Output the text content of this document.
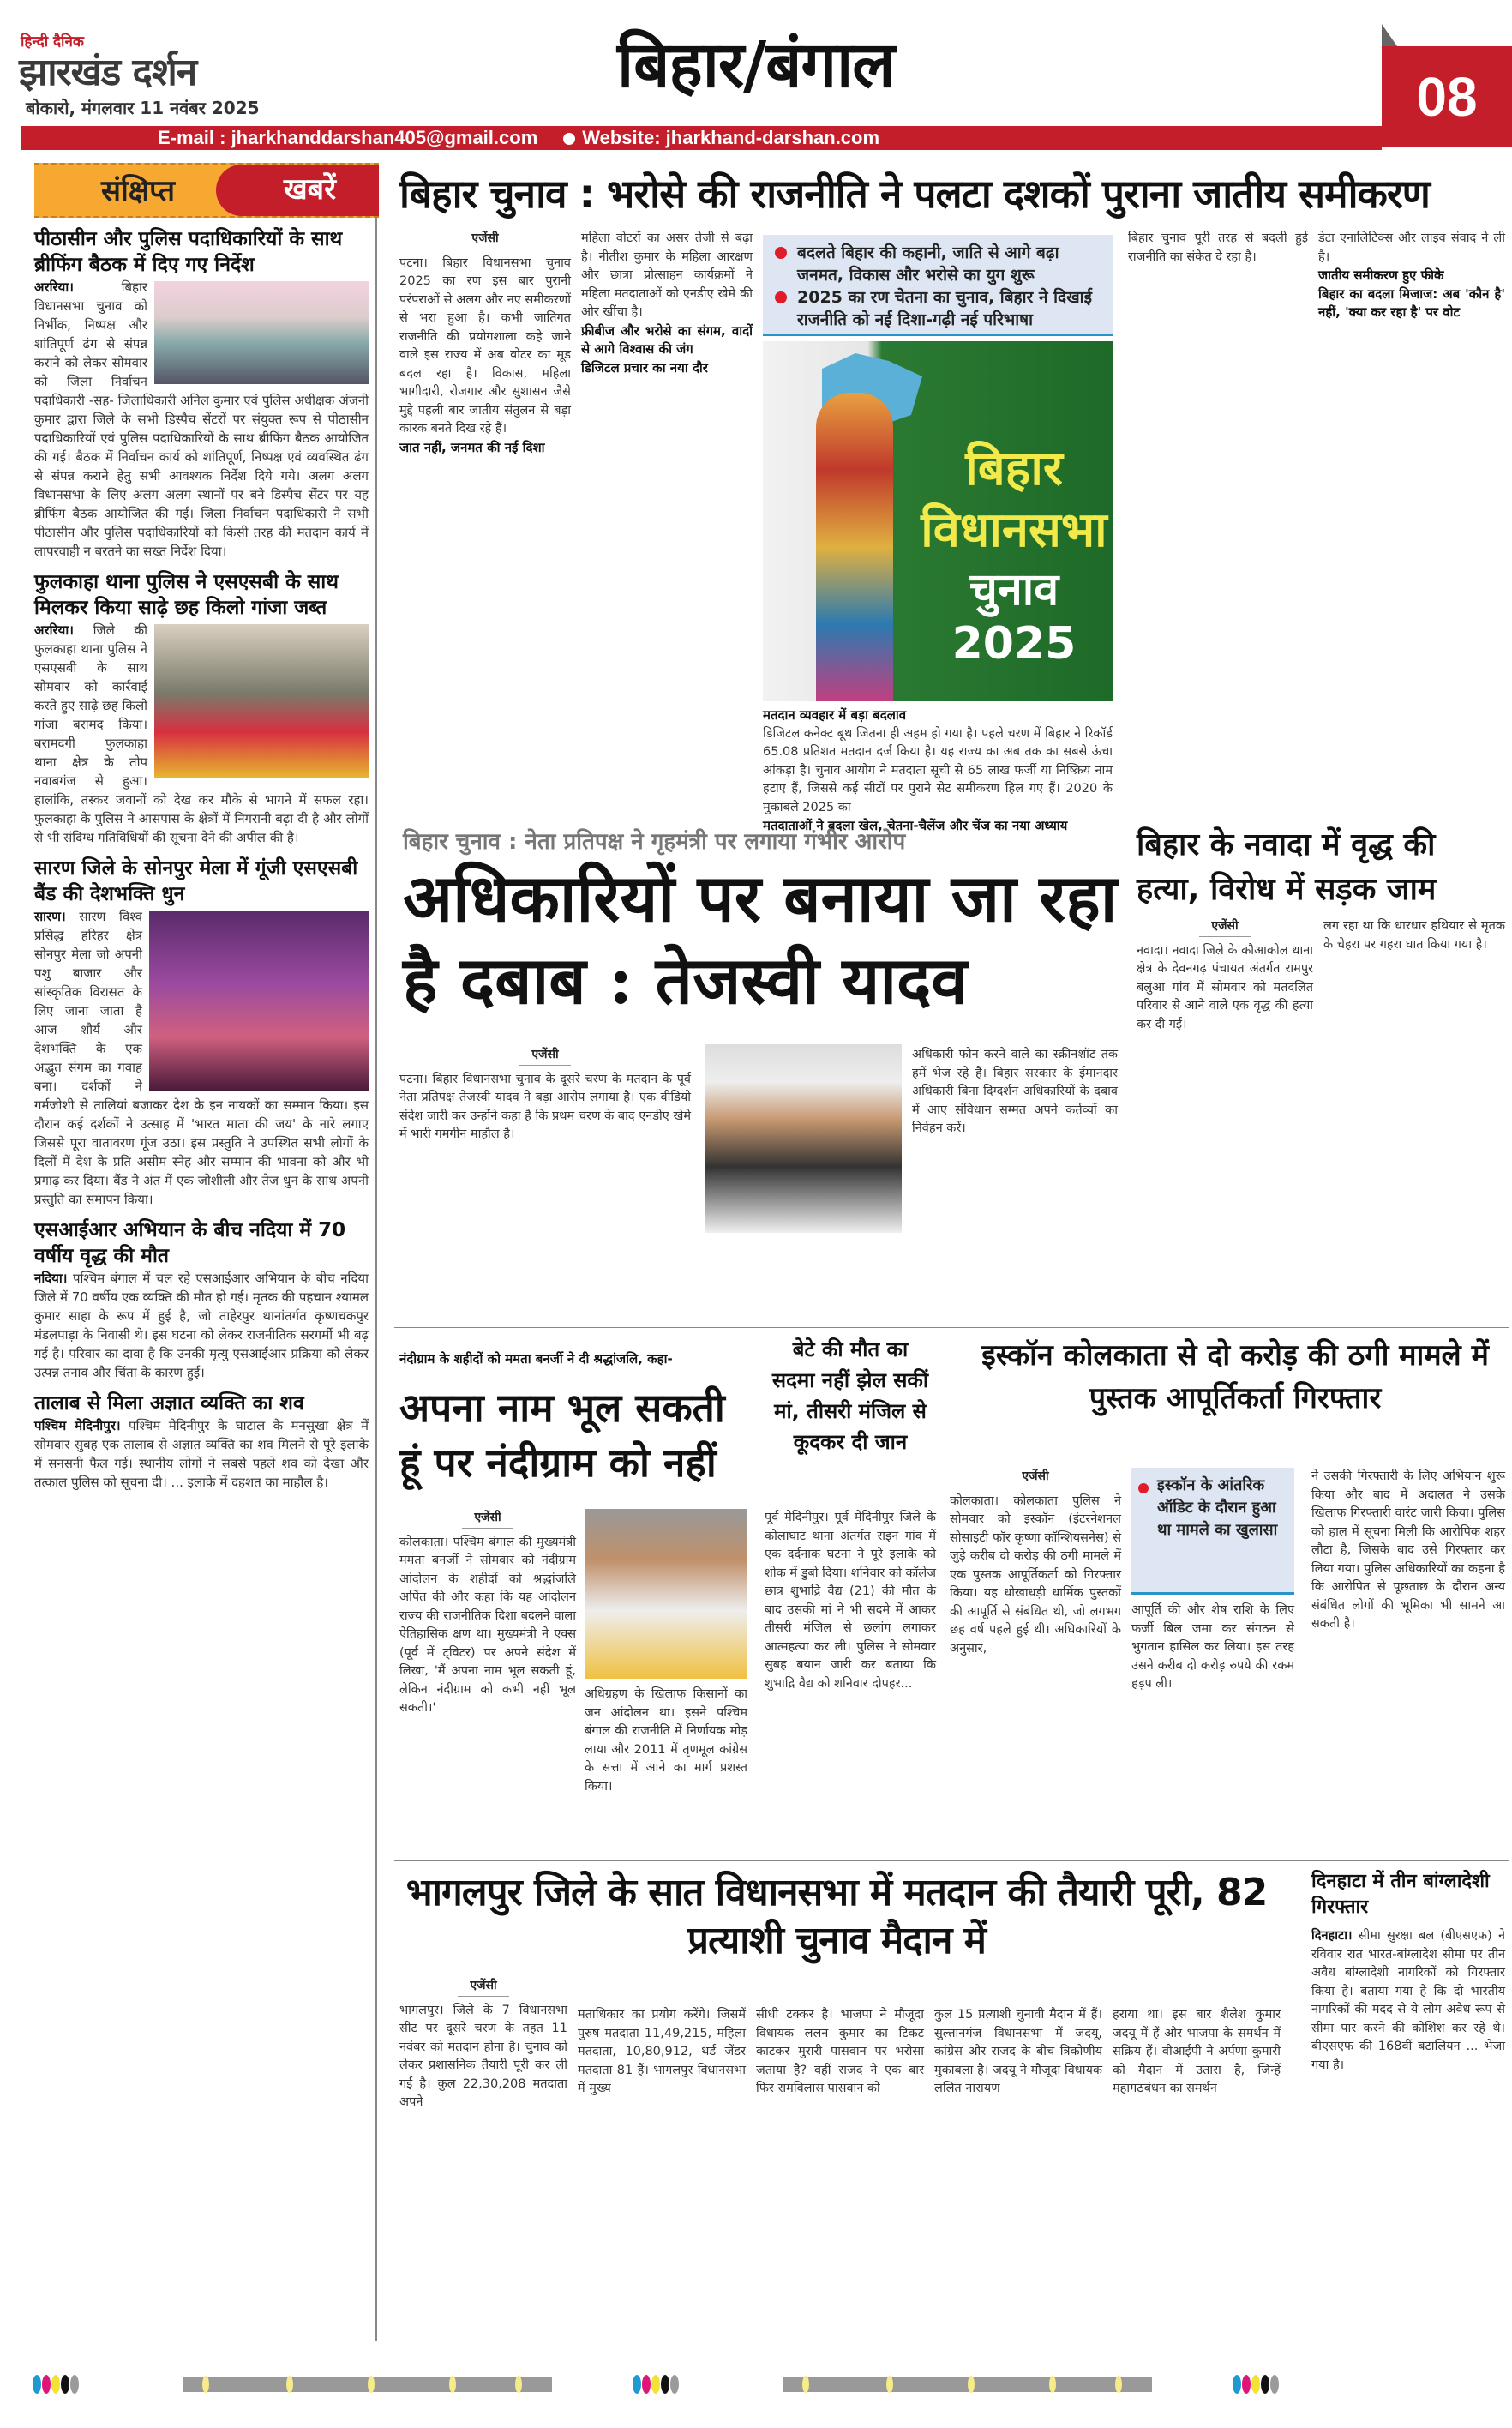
हिन्दी दैनिक
झारखंड दर्शन
बोकारो, मंगलवार 11 नवंबर 2025
बिहार/बंगाल	08
E-mail : jharkhanddarshan405@gmail.com	Website: jharkhand-darshan.com
संक्षिप्त	खबरें
पीठासीन और पुलिस पदाधिकारियों के साथ ब्रीफिंग बैठक में दिए गए निर्देश

अररिया।	बिहार विधानसभा चुनाव को निर्भीक, निष्पक्ष और शांतिपूर्ण ढंग से संपन्न कराने को लेकर सोमवार को जिला निर्वाचन पदाधिकारी -सह- जिलाधिकारी अनिल कुमार एवं पुलिस अधीक्षक अंजनी कुमार द्वारा जिले के सभी डिस्पैच सेंटरों पर संयुक्त रूप से पीठासीन पदाधिकारियों एवं पुलिस पदाधिकारियों के साथ ब्रीफिंग बैठक आयोजित की गई। बैठक में निर्वाचन कार्य को शांतिपूर्ण, निष्पक्ष एवं व्यवस्थित ढंग से संपन्न कराने हेतु सभी आवश्यक निर्देश दिये गये। अलग अलग विधानसभा के लिए अलग अलग स्थानों पर बने डिस्पैच सेंटर पर यह ब्रीफिंग बैठक आयोजित की गई। जिला निर्वाचन पदाधिकारी ने सभी पीठासीन और पुलिस पदाधिकारियों को किसी तरह की मतदान कार्य में लापरवाही न बरतने का सख्त निर्देश दिया।

फुलकाहा थाना पुलिस ने एसएसबी के साथ मिलकर किया साढ़े छह किलो गांजा जब्त

अररिया। जिले की फुलकाहा थाना पुलिस ने एसएसबी के साथ सोमवार को कार्रवाई करते हुए साढ़े छह किलो गांजा बरामद किया।बरामदगी फुलकाहा थाना क्षेत्र के तोप नवाबगंज से हुआ। हालांकि, तस्कर जवानों को देख कर मौके से भागने में सफल रहा। फुलकाहा के पुलिस ने आसपास के क्षेत्रों में निगरानी बढ़ा दी है और लोगों से भी संदिग्ध गतिविधियों की सूचना देने की अपील की है।

सारण जिले के सोनपुर मेला में गूंजी एसएसबी बैंड की देशभक्ति धुन

सारण। सारण विश्व प्रसिद्ध हरिहर क्षेत्र सोनपुर मेला जो अपनी पशु बाजार और सांस्कृतिक विरासत के लिए जाना जाता है आज शौर्य और देशभक्ति के एक अद्भुत संगम का गवाह बना। दर्शकों ने गर्मजोशी से तालियां बजाकर देश के इन नायकों का सम्मान किया। इस दौरान कई दर्शकों ने उत्साह में 'भारत माता की जय' के नारे लगाए जिससे पूरा वातावरण गूंज उठा। इस प्रस्तुति ने उपस्थित सभी लोगों के दिलों में देश के प्रति असीम स्नेह और सम्मान की भावना को और भी प्रगाढ़ कर दिया। बैंड ने अंत में एक जोशीली और तेज धुन के साथ अपनी प्रस्तुति का समापन किया।

एसआईआर अभियान के बीच नदिया में 70 वर्षीय वृद्ध की मौत

नदिया। पश्चिम बंगाल में चल रहे एसआईआर अभियान के बीच नदिया जिले में 70 वर्षीय एक व्यक्ति की मौत हो गई। मृतक की पहचान श्यामल कुमार साहा के रूप में हुई है, जो ताहेरपुर थानांतर्गत कृष्णचकपुर मंडलपाड़ा के निवासी थे। इस घटना को लेकर राजनीतिक सरगर्मी भी बढ़ गई है। परिवार का दावा है कि उनकी मृत्यु एसआईआर प्रक्रिया को लेकर उत्पन्न तनाव और चिंता के कारण हुई।

तालाब से मिला अज्ञात व्यक्ति का शव

पश्चिम मेदिनीपुर। पश्चिम मेदिनीपुर के घाटाल के मनसुखा क्षेत्र में सोमवार सुबह एक तालाब से अज्ञात व्यक्ति का शव मिलने से पूरे इलाके में सनसनी फैल गई। स्थानीय लोगों ने सबसे पहले शव को देखा और तत्काल पुलिस को सूचना दी। ... इलाके में दहशत का माहौल है।

बिहार चुनाव : भरोसे की राजनीति ने पलटा दशकों पुराना जातीय समीकरण
एजेंसी
पटना। बिहार विधानसभा चुनाव 2025 का रण इस बार पुरानी परंपराओं से अलग और नए समीकरणों से भरा हुआ है। कभी जातिगत राजनीति की प्रयोगशाला कहे जाने वाले इस राज्य में अब वोटर का मूड बदल रहा है। विकास, महिला भागीदारी, रोजगार और सुशासन जैसे मुद्दे पहली बार जातीय संतुलन से बड़ा कारक बनते दिख रहे हैं।
जात नहीं, जनमत की नई दिशा
महिला वोटरों का असर तेजी से बढ़ा है। नीतीश कुमार के महिला आरक्षण और छात्रा प्रोत्साहन कार्यक्रमों ने महिला मतदाताओं को एनडीए खेमे की ओर खींचा है।
फ्रीबीज और भरोसे का संगम, वादों से आगे विश्वास की जंग
डिजिटल प्रचार का नया दौर
बदलते बिहार की कहानी, जाति से आगे बढ़ा जनमत, विकास और भरोसे का युग शुरू
2025 का रण चेतना का चुनाव, बिहार ने दिखाई राजनीति को नई दिशा-गढ़ी नई परिभाषा
बिहार
विधानसभा
चुनाव 2025
मतदान व्यवहार में बड़ा बदलाव
डिजिटल कनेक्ट बूथ जितना ही अहम हो गया है। पहले चरण में बिहार ने रिकॉर्ड 65.08 प्रतिशत मतदान दर्ज किया है। यह राज्य का अब तक का सबसे ऊंचा आंकड़ा है। चुनाव आयोग ने मतदाता सूची से 65 लाख फर्जी या निष्क्रिय नाम हटाए हैं, जिससे कई सीटों पर पुराने सेट समीकरण हिल गए हैं। 2020 के मुकाबले 2025 का
मतदाताओं ने बदला खेल, चेतना-चैलेंज और चेंज का नया अध्याय
बिहार चुनाव पूरी तरह से बदली हुई राजनीति का संकेत दे रहा है।
डेटा एनालिटिक्स और लाइव संवाद ने ली है।
जातीय समीकरण हुए फीके
बिहार का बदला मिजाज: अब 'कौन है' नहीं, 'क्या कर रहा है' पर वोट
बिहार चुनाव : नेता प्रतिपक्ष ने गृहमंत्री पर लगाया गंभीर आरोप
अधिकारियों पर बनाया जा रहा है दबाब : तेजस्वी यादव
एजेंसी
पटना। बिहार विधानसभा चुनाव के दूसरे चरण के मतदान के पूर्व नेता प्रतिपक्ष तेजस्वी यादव ने बड़ा आरोप लगाया है। एक वीडियो संदेश जारी कर उन्होंने कहा है कि प्रथम चरण के बाद एनडीए खेमे में भारी गमगीन माहौल है।
अधिकारी फोन करने वाले का स्क्रीनशॉट तक हमें भेज रहे हैं। बिहार सरकार के ईमानदार अधिकारी बिना दिग्दर्शन अधिकारियों के दबाव में आए संविधान सम्मत अपने कर्तव्यों का निर्वहन करें।
बिहार के नवादा में वृद्ध की हत्या, विरोध में सड़क जाम
एजेंसी
नवादा। नवादा जिले के कौआकोल थाना क्षेत्र के देवनगढ़ पंचायत अंतर्गत रामपुर बलुआ गांव में सोमवार को मतदलित परिवार से आने वाले एक वृद्ध की हत्या कर दी गई।
लग रहा था कि धारधार हथियार से मृतक के चेहरा पर गहरा घात किया गया है।
नंदीग्राम के शहीदों को ममता बनर्जी ने दी श्रद्धांजलि, कहा-
अपना नाम भूल सकती हूं पर नंदीग्राम को नहीं
एजेंसी
कोलकाता। पश्चिम बंगाल की मुख्यमंत्री ममता बनर्जी ने सोमवार को नंदीग्राम आंदोलन के शहीदों को श्रद्धांजलि अर्पित की और कहा कि यह आंदोलन राज्य की राजनीतिक दिशा बदलने वाला ऐतिहासिक क्षण था। मुख्यमंत्री ने एक्स (पूर्व में ट्विटर) पर अपने संदेश में लिखा, 'मैं अपना नाम भूल सकती हूं, लेकिन नंदीग्राम को कभी नहीं भूल सकती।'
अधिग्रहण के खिलाफ किसानों का जन आंदोलन था। इसने पश्चिम बंगाल की राजनीति में निर्णायक मोड़ लाया और 2011 में तृणमूल कांग्रेस के सत्ता में आने का मार्ग प्रशस्त किया।
बेटे की मौत का
सदमा नहीं झेल सकीं मां, तीसरी मंजिल से कूदकर दी जान
पूर्व मेदिनीपुर। पूर्व मेदिनीपुर जिले के कोलाघाट थाना अंतर्गत राइन गांव में एक दर्दनाक घटना ने पूरे इलाके को शोक में डुबो दिया। शनिवार को कॉलेज छात्र शुभाद्रि वैद्य (21) की मौत के बाद उसकी मां ने भी सदमे में आकर तीसरी मंजिल से छलांग लगाकर आत्महत्या कर ली। पुलिस ने सोमवार सुबह बयान जारी कर बताया कि शुभाद्रि वैद्य को शनिवार दोपहर...
इस्कॉन कोलकाता से दो करोड़ की ठगी मामले में पुस्तक आपूर्तिकर्ता गिरफ्तार
एजेंसी
कोलकाता। कोलकाता पुलिस ने सोमवार को इस्कॉन (इंटरनेशनल सोसाइटी फॉर कृष्णा कॉन्शियसनेस) से जुड़े करीब दो करोड़ की ठगी मामले में एक पुस्तक आपूर्तिकर्ता को गिरफ्तार किया। यह धोखाधड़ी धार्मिक पुस्तकों की आपूर्ति से संबंधित थी, जो लगभग छह वर्ष पहले हुई थी। अधिकारियों के अनुसार,
इस्कॉन के आंतरिक ऑडिट के दौरान हुआ था मामले का खुलासा
आपूर्ति की और शेष राशि के लिए फर्जी बिल जमा कर संगठन से भुगतान हासिल कर लिया। इस तरह उसने करीब दो करोड़ रुपये की रकम हड़प ली।
ने उसकी गिरफ्तारी के लिए अभियान शुरू किया और बाद में अदालत ने उसके खिलाफ गिरफ्तारी वारंट जारी किया। पुलिस को हाल में सूचना मिली कि आरोपिक शहर लौटा है, जिसके बाद उसे गिरफ्तार कर लिया गया। पुलिस अधिकारियों का कहना है कि आरोपित से पूछताछ के दौरान अन्य संबंधित लोगों की भूमिका भी सामने आ सकती है।
भागलपुर जिले के सात विधानसभा में मतदान की तैयारी पूरी, 82 प्रत्याशी चुनाव मैदान में
एजेंसी
भागलपुर। जिले के 7 विधानसभा सीट पर दूसरे चरण के तहत 11 नवंबर को मतदान होना है। चुनाव को लेकर प्रशासनिक तैयारी पूरी कर ली गई है। कुल 22,30,208 मतदाता अपने
मताधिकार का प्रयोग करेंगे। जिसमें पुरुष मतदाता 11,49,215, महिला मतदाता, 10,80,912, थर्ड जेंडर मतदाता 81 हैं। भागलपुर विधानसभा में मुख्य
सीधी टक्कर है। भाजपा ने मौजूदा विधायक ललन कुमार का टिकट काटकर मुरारी पासवान पर भरोसा जताया है? वहीं राजद ने एक बार फिर रामविलास पासवान को
कुल 15 प्रत्याशी चुनावी मैदान में हैं। सुल्तानगंज विधानसभा में जदयू, कांग्रेस और राजद के बीच त्रिकोणीय मुकाबला है। जदयू ने मौजूदा विधायक ललित नारायण
हराया था। इस बार शैलेश कुमार जदयू में हैं और भाजपा के समर्थन में सक्रिय हैं। वीआईपी ने अर्पणा कुमारी को मैदान में उतारा है, जिन्हें महागठबंधन का समर्थन
दिनहाटा में तीन बांग्लादेशी गिरफ्तार
दिनहाटा। सीमा सुरक्षा बल (बीएसएफ) ने रविवार रात भारत-बांग्लादेश सीमा पर तीन अवैध बांग्लादेशी नागरिकों को गिरफ्तार किया है। बताया गया है कि दो भारतीय नागरिकों की मदद से ये लोग अवैध रूप से सीमा पार करने की कोशिश कर रहे थे। बीएसएफ की 168वीं बटालियन ... भेजा गया है।
